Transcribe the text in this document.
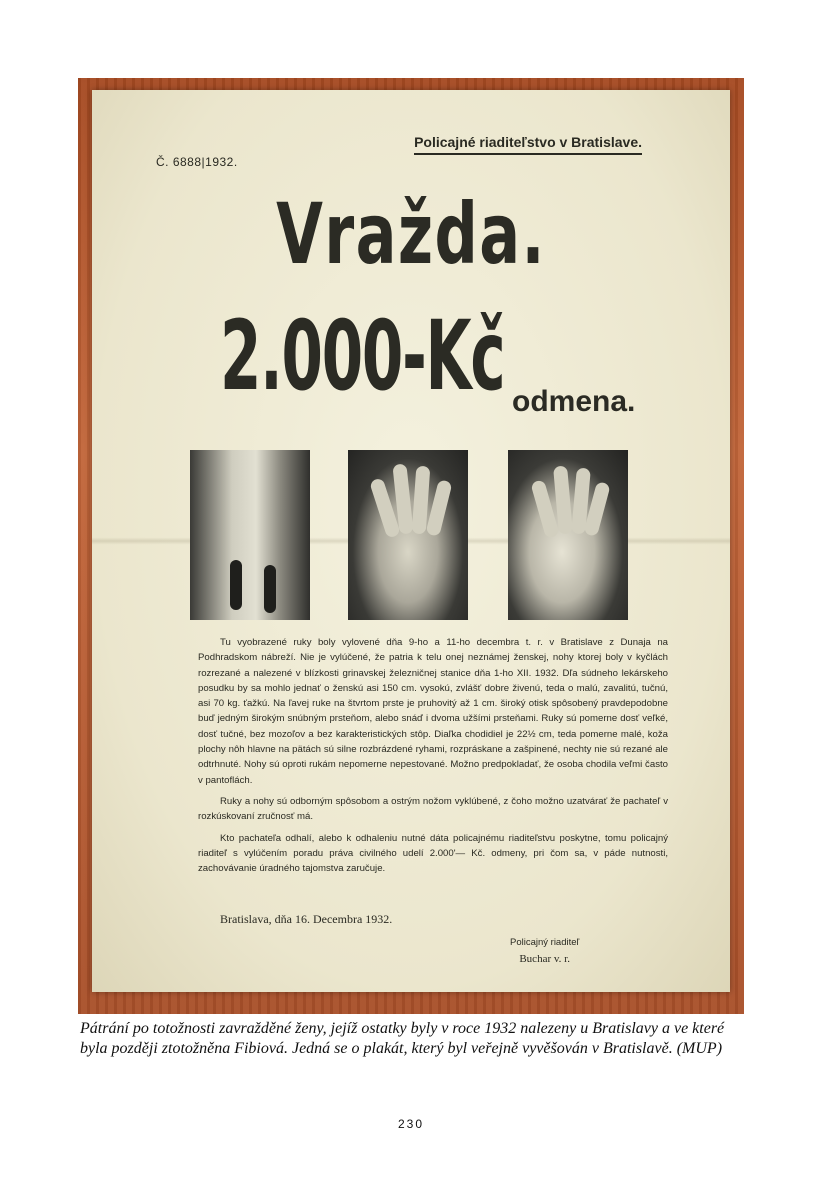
Č. 6888|1932.
Policajné riaditeľstvo v Bratislave.
Vražda.
2.000-Kč odmena.

Tu vyobrazené ruky boly vylovené dňa 9-ho a 11-ho decembra t. r. v Bratislave z Dunaja na Podhradskom nábreží. Nie je vylúčené, že patria k telu onej neznámej ženskej, nohy ktorej boly v kyčlách rozrezané a nalezené v blízkosti grinavskej železničnej stanice dňa 1-ho XII. 1932. Dľa súdneho lekárskeho posudku by sa mohlo jednať o ženskú asi 150 cm. vysokú, zvlášť dobre živenú, teda o malú, zavalitú, tučnú, asi 70 kg. ťažkú. Na ľavej ruke na štvrtom prste je pruhovitý až 1 cm. široký otisk spôsobený pravdepodobne buď jedným širokým snúbným prsteňom, alebo snáď i dvoma užšími prsteňami. Ruky sú pomerne dosť veľké, dosť tučné, bez mozoľov a bez karakteristických stôp. Diaľka chodidiel je 22½ cm, teda pomerne malé, koža plochy nôh hlavne na pätách sú silne rozbrázdené ryhami, rozpráskane a zašpinené, nechty nie sú rezané ale odtrhnuté. Nohy sú oproti rukám nepomerne nepestované. Možno predpokladať, že osoba chodila veľmi často v pantoflách.

Ruky a nohy sú odborným spôsobom a ostrým nožom vyklúbené, z čoho možno uzatvárať že pachateľ v rozkúskovaní zručnosť má.

Kto pachateľa odhalí, alebo k odhaleniu nutné dáta policajnému riaditeľstvu poskytne, tomu policajný riaditeľ s vylúčením poradu práva civilného udelí 2.000'— Kč. odmeny, pri čom sa, v páde nutnosti, zachovávanie úradného tajomstva zaručuje.

Bratislava, dňa 16. Decembra 1932.
Policajný riaditeľ
Buchar v. r.
Pátrání po totožnosti zavražděné ženy, jejíž ostatky byly v roce 1932 nalezeny u Bratislavy a ve které byla později ztotožněna Fibiová. Jedná se o plakát, který byl veřejně vyvěšován v Bratislavě. (MUP)
230
